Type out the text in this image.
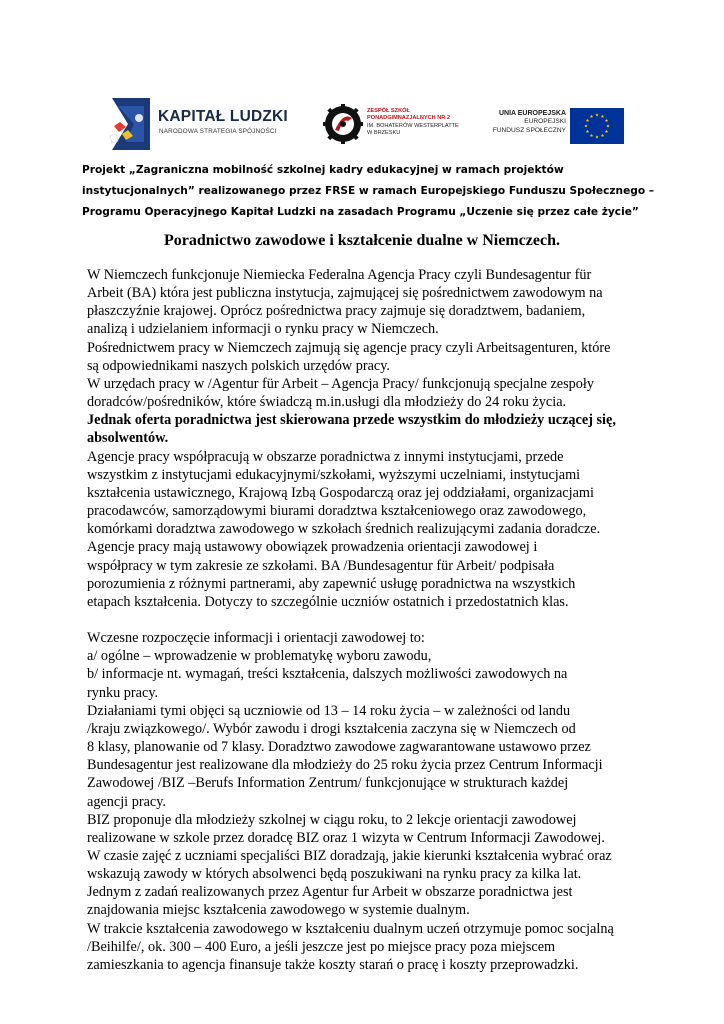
KAPITAŁ LUDZKI
NARODOWA STRATEGIA SPÓJNOŚCI
ZESPÓŁ SZKÓŁ
PONADGIMNAZJALNYCH NR 2
IM. BOHATERÓW WESTERPLATTE
W BRZESKU
UNIA EUROPEJSKA
EUROPEJSKI
FUNDUSZ SPOŁECZNY
Projekt „Zagraniczna mobilność szkolnej kadry edukacyjnej w ramach projektów
instytucjonalnych” realizowanego przez FRSE w ramach Europejskiego Funduszu Społecznego –
Programu Operacyjnego Kapitał Ludzki na zasadach Programu „Uczenie się przez całe życie”
Poradnictwo zawodowe i kształcenie dualne w Niemczech.
W Niemczech funkcjonuje Niemiecka Federalna Agencja Pracy czyli Bundesagentur für
Arbeit (BA) która jest publiczna instytucja, zajmującej się pośrednictwem zawodowym na
płaszczyźnie krajowej. Oprócz pośrednictwa pracy zajmuje się doradztwem, badaniem,
analizą i udzielaniem informacji o rynku pracy w Niemczech.
Pośrednictwem pracy w Niemczech zajmują się agencje pracy czyli Arbeitsagenturen, które
są odpowiednikami naszych polskich urzędów pracy.
W urzędach pracy w /Agentur für Arbeit – Agencja Pracy/ funkcjonują specjalne zespoły
doradców/pośredników, które świadczą m.in.usługi dla młodzieży do 24 roku życia.
Jednak oferta poradnictwa jest skierowana przede wszystkim do młodzieży uczącej się,
absolwentów.
Agencje pracy współpracują w obszarze poradnictwa z innymi instytucjami, przede
wszystkim z instytucjami edukacyjnymi/szkołami, wyższymi uczelniami, instytucjami
kształcenia ustawicznego, Krajową Izbą Gospodarczą oraz jej oddziałami, organizacjami
pracodawców, samorządowymi biurami doradztwa kształceniowego oraz zawodowego,
komórkami doradztwa zawodowego w szkołach średnich realizującymi zadania doradcze.
Agencje pracy mają ustawowy obowiązek prowadzenia orientacji zawodowej i
współpracy w tym zakresie ze szkołami. BA /Bundesagentur für Arbeit/ podpisała
porozumienia z różnymi partnerami, aby zapewnić usługę poradnictwa na wszystkich
etapach kształcenia. Dotyczy to szczególnie uczniów ostatnich i przedostatnich klas.
Wczesne rozpoczęcie informacji i orientacji zawodowej to:
a/ ogólne – wprowadzenie w problematykę wyboru zawodu,
b/ informacje nt. wymagań, treści kształcenia, dalszych możliwości zawodowych na
rynku pracy.
Działaniami tymi objęci są uczniowie od 13 – 14 roku życia – w zależności od landu
/kraju związkowego/. Wybór zawodu i drogi kształcenia zaczyna się w Niemczech od
8 klasy, planowanie od 7 klasy. Doradztwo zawodowe zagwarantowane ustawowo przez
Bundesagentur jest realizowane dla młodzieży do 25 roku życia przez Centrum Informacji
Zawodowej /BIZ –Berufs Information Zentrum/ funkcjonujące w strukturach każdej
agencji pracy.
BIZ proponuje dla młodzieży szkolnej w ciągu roku, to 2 lekcje orientacji zawodowej
realizowane w szkole przez doradcę BIZ oraz 1 wizyta w Centrum Informacji Zawodowej.
W czasie zajęć z uczniami specjaliści BIZ doradzają, jakie kierunki kształcenia wybrać oraz
wskazują zawody w których absolwenci będą poszukiwani na rynku pracy za kilka lat.
Jednym z zadań realizowanych przez Agentur fur Arbeit w obszarze poradnictwa jest
znajdowania miejsc kształcenia zawodowego w systemie dualnym.
W trakcie kształcenia zawodowego w kształceniu dualnym uczeń otrzymuje pomoc socjalną
/Beihilfe/, ok. 300 – 400 Euro, a jeśli jeszcze jest po miejsce pracy poza miejscem
zamieszkania to agencja finansuje także koszty starań o pracę i koszty przeprowadzki.
